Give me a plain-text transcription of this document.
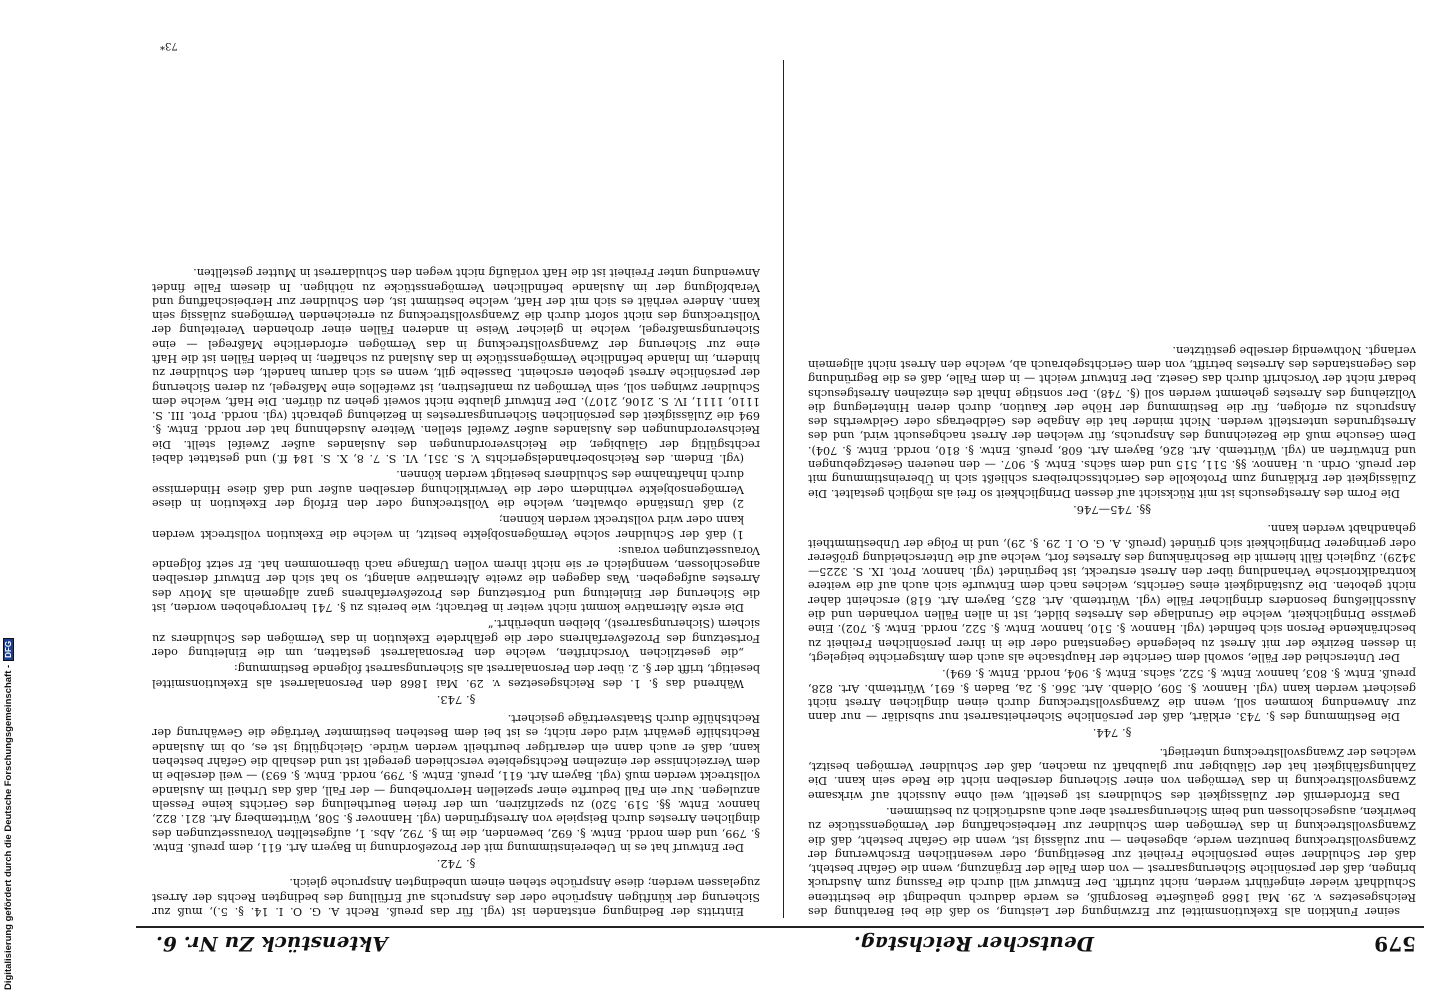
Digitalisierung gefördert durch die Deutsche Forschungsgemeinschaft -
DFG
579
Deutscher Reichstag.
Aktenstück Zu Nr. 6.

seiner Funktion als Exekutionsmittel zur Erzwingung der Leistung, so daß die bei Berathung des Reichsgesetzes v. 29. Mai 1868 geäußerte Besorgniß, es werde dadurch unbedingt die bestrittene Schuldhaft wieder eingeführt werden, nicht zutrifft. Der Entwurf will durch die Fassung zum Ausdruck bringen, daß der persönliche Sicherungsarrest — von dem Falle der Ergänzung, wenn die Gefahr besteht, daß der Schuldner seine persönliche Freiheit zur Beseitigung, oder wesentlichen Erschwerung der Zwangsvollstreckung benutzen werde, abgesehen — nur zulässig ist, wenn die Gefahr besteht, daß die Zwangsvollstreckung in das Vermögen dem Schuldner zur Herbeischaffung der Vermögensstücke zu bewirken, ausgeschlossen und beim Sicherungsarrest aber auch ausdrücklich zu bestimmen.

Das Erforderniß der Zulässigkeit des Schuldners ist gestellt, weil ohne Aussicht auf wirksame Zwangsvollstreckung in das Vermögen von einer Sicherung derselben nicht die Rede sein kann. Die Zahlungsfähigkeit hat der Gläubiger nur glaubhaft zu machen, daß der Schuldner Vermögen besitzt, welches der Zwangsvollstreckung unterliegt.

§. 744.

Die Bestimmung des §. 743. erklärt, daß der persönliche Sicherheitsarrest nur subsidiär — nur dann zur Anwendung kommen soll, wenn die Zwangsvollstreckung durch einen dinglichen Arrest nicht gesichert werden kann (vgl. Hannov. §. 509, Oldenb. Art. 366. §. 2a, Baden §. 691, Württemb. Art. 828, preuß. Entw. §. 803, hannov. Entw. §. 522, sächs. Entw. §. 904, nordd. Entw. §. 694).

Der Unterschied der Fälle, sowohl dem Gerichte der Hauptsache als auch dem Amtsgerichte beigelegt, in dessen Bezirke der mit Arrest zu belegende Gegenstand oder die in ihrer persönlichen Freiheit zu beschränkende Person sich befindet (vgl. Hannov. §. 510, hannov. Entw. §. 522, nordd. Entw. §. 702). Eine gewisse Dringlichkeit, welche die Grundlage des Arrestes bildet, ist in allen Fällen vorhanden und die Ausschließung besonders dringlicher Fälle (vgl. Württemb. Art. 825, Bayern Art. 618) erscheint daher nicht geboten. Die Zuständigkeit eines Gerichts, welches nach dem Entwurfe sich auch auf die weitere kontradiktorische Verhandlung über den Arrest erstreckt, ist begründet (vgl. hannov. Prot. IX. S. 3225—3429). Zugleich fällt hiermit die Beschränkung des Arrestes fort, welche auf die Unterscheidung größerer oder geringerer Dringlichkeit sich gründet (preuß. A. G. O. I. 29. §. 29), und in Folge der Unbestimmtheit gehandhabt werden kann.

§§. 745—746.

Die Form des Arrestgesuchs ist mit Rücksicht auf dessen Dringlichkeit so frei als möglich gestaltet. Die Zulässigkeit der Erklärung zum Protokolle des Gerichtsschreibers schließt sich in Übereinstimmung mit der preuß. Ordn. u. Hannov. §§. 511, 515 und dem sächs. Entw. §. 907. — den neueren Gesetzgebungen und Entwürfen an (vgl. Württemb. Art. 826, Bayern Art. 608, preuß. Entw. §. 810, nordd. Entw. §. 704). Dem Gesuche muß die Bezeichnung des Anspruchs, für welchen der Arrest nachgesucht wird, und des Arrestgrundes unterstellt werden. Nicht minder hat die Angabe des Geldbetrags oder Geldwerths des Anspruchs zu erfolgen, für die Bestimmung der Höhe der Kaution, durch deren Hinterlegung die Vollziehung des Arrestes gehemmt werden soll (§. 748). Der sonstige Inhalt des einzelnen Arrestgesuchs bedarf nicht der Vorschrift durch das Gesetz. Der Entwurf weicht — in dem Falle, daß es die Begründung des Gegenstandes des Arrestes betrifft, von dem Gerichtsgebrauch ab, welche den Arrest nicht allgemein verlangt. Nothwendig derselbe gestützten.

Eintritts der Bedingung entstanden ist (vgl. für das preuß. Recht A. G. O. I. 14. §. 5.), muß zur Sicherung der künftigen Ansprüche oder des Anspruchs auf Erfüllung des bedingten Rechts der Arrest zugelassen werden; diese Ansprüche stehen einem unbedingten Anspruche gleich.

§. 742.

Der Entwurf hat es in Uebereinstimmung mit der Prozeßordnung in Bayern Art. 611, dem preuß. Entw. §. 799, und dem nordd. Entw. §. 692, bewenden, die im §. 792, Abs. 1, aufgestellten Voraussetzungen des dinglichen Arrestes durch Beispiele von Arrestgründen (vgl. Hannover §. 508, Württemberg Art. 821. 822, hannov. Entw. §§. 519. 520) zu spezifiziren, um der freien Beurtheilung des Gerichts keine Fesseln anzulegen. Nur ein Fall bedurfte einer speziellen Hervorhebung — der Fall, daß das Urtheil im Auslande vollstreckt werden muß (vgl. Bayern Art. 611, preuß. Entw. §. 799, nordd. Entw. §. 693) — weil derselbe in dem Verzeichnisse der einzelnen Rechtsgebiete verschieden geregelt ist und deshalb die Gefahr bestehen kann, daß er auch dann ein derartiger beurtheilt werden würde. Gleichgültig ist es, ob im Auslande Rechtshilfe gewährt wird oder nicht; es ist bei dem Bestehen bestimmter Verträge die Gewährung der Rechtshülfe durch Staatsverträge gesichert.

§. 743.

Während das §. 1. des Reichsgesetzes v. 29. Mai 1868 den Personalarrest als Exekutionsmittel beseitigt, trifft der §. 2. über den Personalarrest als Sicherungsarrest folgende Bestimmung:

„die gesetzlichen Vorschriften, welche den Personalarrest gestatten, um die Einleitung oder Fortsetzung des Prozeßverfahrens oder die gefährdete Exekution in das Vermögen des Schuldners zu sichern (Sicherungsarrest), bleiben unberührt.“

Die erste Alternative kommt nicht weiter in Betracht; wie bereits zu §. 741 hervorgehoben worden, ist die Sicherung der Einleitung und Fortsetzung des Prozeßverfahrens ganz allgemein als Motiv des Arrestes aufgegeben. Was dagegen die zweite Alternative anlangt, so hat sich der Entwurf derselben angeschlossen, wenngleich er sie nicht ihrem vollen Umfange nach übernommen hat. Er setzt folgende Voraussetzungen voraus:

1) daß der Schuldner solche Vermögensobjekte besitzt, in welche die Exekution vollstreckt werden kann oder wird vollstreckt werden können;

2) daß Umstände obwalten, welche die Vollstreckung oder den Erfolg der Exekution in diese Vermögensobjekte verhindern oder die Verwirklichung derselben außer und daß diese Hindernisse durch Inhaftnahme des Schuldners beseitigt werden können.

(vgl. Endem. des Reichsoberhandelsgerichts V. S. 351, VI. S. 7. 8, X. S. 184 ff.) und gestattet dabei rechtsgültig der Gläubiger, die Reichsverordnungen des Auslandes außer Zweifel stellt. Die Reichsverordnungen des Auslandes außer Zweifel stellen. Weitere Ausdehnung hat der nordd. Entw. §. 694 die Zulässigkeit des persönlichen Sicherungsarrestes in Beziehung gebracht (vgl. nordd. Prot. III. S. 1110, 1111, IV. S. 2106, 2107). Der Entwurf glaubte nicht soweit gehen zu dürfen. Die Haft, welche dem Schuldner zwingen soll, sein Vermögen zu manifestiren, ist zweifellos eine Maßregel, zu deren Sicherung der persönliche Arrest geboten erscheint. Dasselbe gilt, wenn es sich darum handelt, den Schuldner zu hindern, im Inlande befindliche Vermögensstücke in das Ausland zu schaffen; in beiden Fällen ist die Haft eine zur Sicherung der Zwangsvollstreckung in das Vermögen erforderliche Maßregel — eine Sicherungsmaßregel, welche in gleicher Weise in anderen Fällen einer drohenden Vereitelung der Vollstreckung des nicht sofort durch die Zwangsvollstreckung zu erreichenden Vermögens zulässig sein kann. Andere verhält es sich mit der Haft, welche bestimmt ist, den Schuldner zur Herbeischaffung und Verabfolgung der im Auslande befindlichen Vermögensstücke zu nöthigen. In diesem Falle findet Anwendung unter Freiheit ist die Haft vorläufig nicht wegen den Schuldarrest in Mutter gestellten.

73*
